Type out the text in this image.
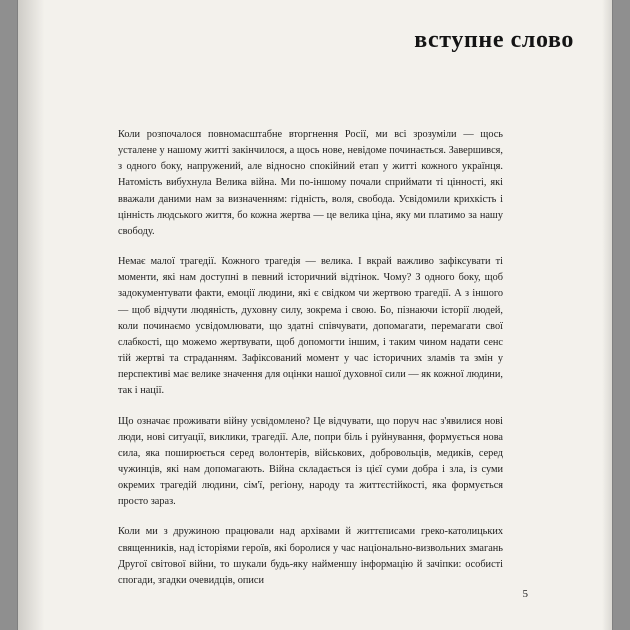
вступне слово

Коли розпочалося повномасштабне вторгнення Росії, ми всі зрозуміли — щось усталене у нашому житті закінчилося, а щось нове, невідоме починається. Завершився, з одного боку, напружений, але відносно спокійний етап у житті кожного українця. Натомість вибухнула Велика війна. Ми по-іншому почали сприймати ті цінності, які вважали даними нам за визначенням: гідність, воля, свобода. Усвідомили крихкість і цінність людського життя, бо кожна жертва — це велика ціна, яку ми платимо за нашу свободу.

Немає малої трагедії. Кожного трагедія — велика. І вкрай важливо зафіксувати ті моменти, які нам доступні в певний історичний відтінок. Чому? З одного боку, щоб задокументувати факти, емоції людини, які є свідком чи жертвою трагедії. А з іншого — щоб відчути людяність, духовну силу, зокрема і свою. Бо, пізнаючи історії людей, коли починаємо усвідомлювати, що здатні співчувати, допомагати, перемагати свої слабкості, що можемо жертвувати, щоб допомогти іншим, і таким чином надати сенс тій жертві та страданням. Зафіксований момент у час історичних зламів та змін у перспективі має велике значення для оцінки нашої духовної сили — як кожної людини, так і нації.

Що означає проживати війну усвідомлено? Це відчувати, що поруч нас з'явилися нові люди, нові ситуації, виклики, трагедії. Але, попри біль і руйнування, формується нова сила, яка поширюється серед волонтерів, військових, добровольців, медиків, серед чужинців, які нам допомагають. Війна складається із цієї суми добра і зла, із суми окремих трагедій людини, сім'ї, регіону, народу та життєстійкості, яка формується просто зараз.

Коли ми з дружиною працювали над архівами й життєписами греко-католицьких священників, над історіями героїв, які боролися у час національно-визвольних змагань Другої світової війни, то шукали будь-яку найменшу інформацію й зачіпки: особисті спогади, згадки очевидців, описи

5
